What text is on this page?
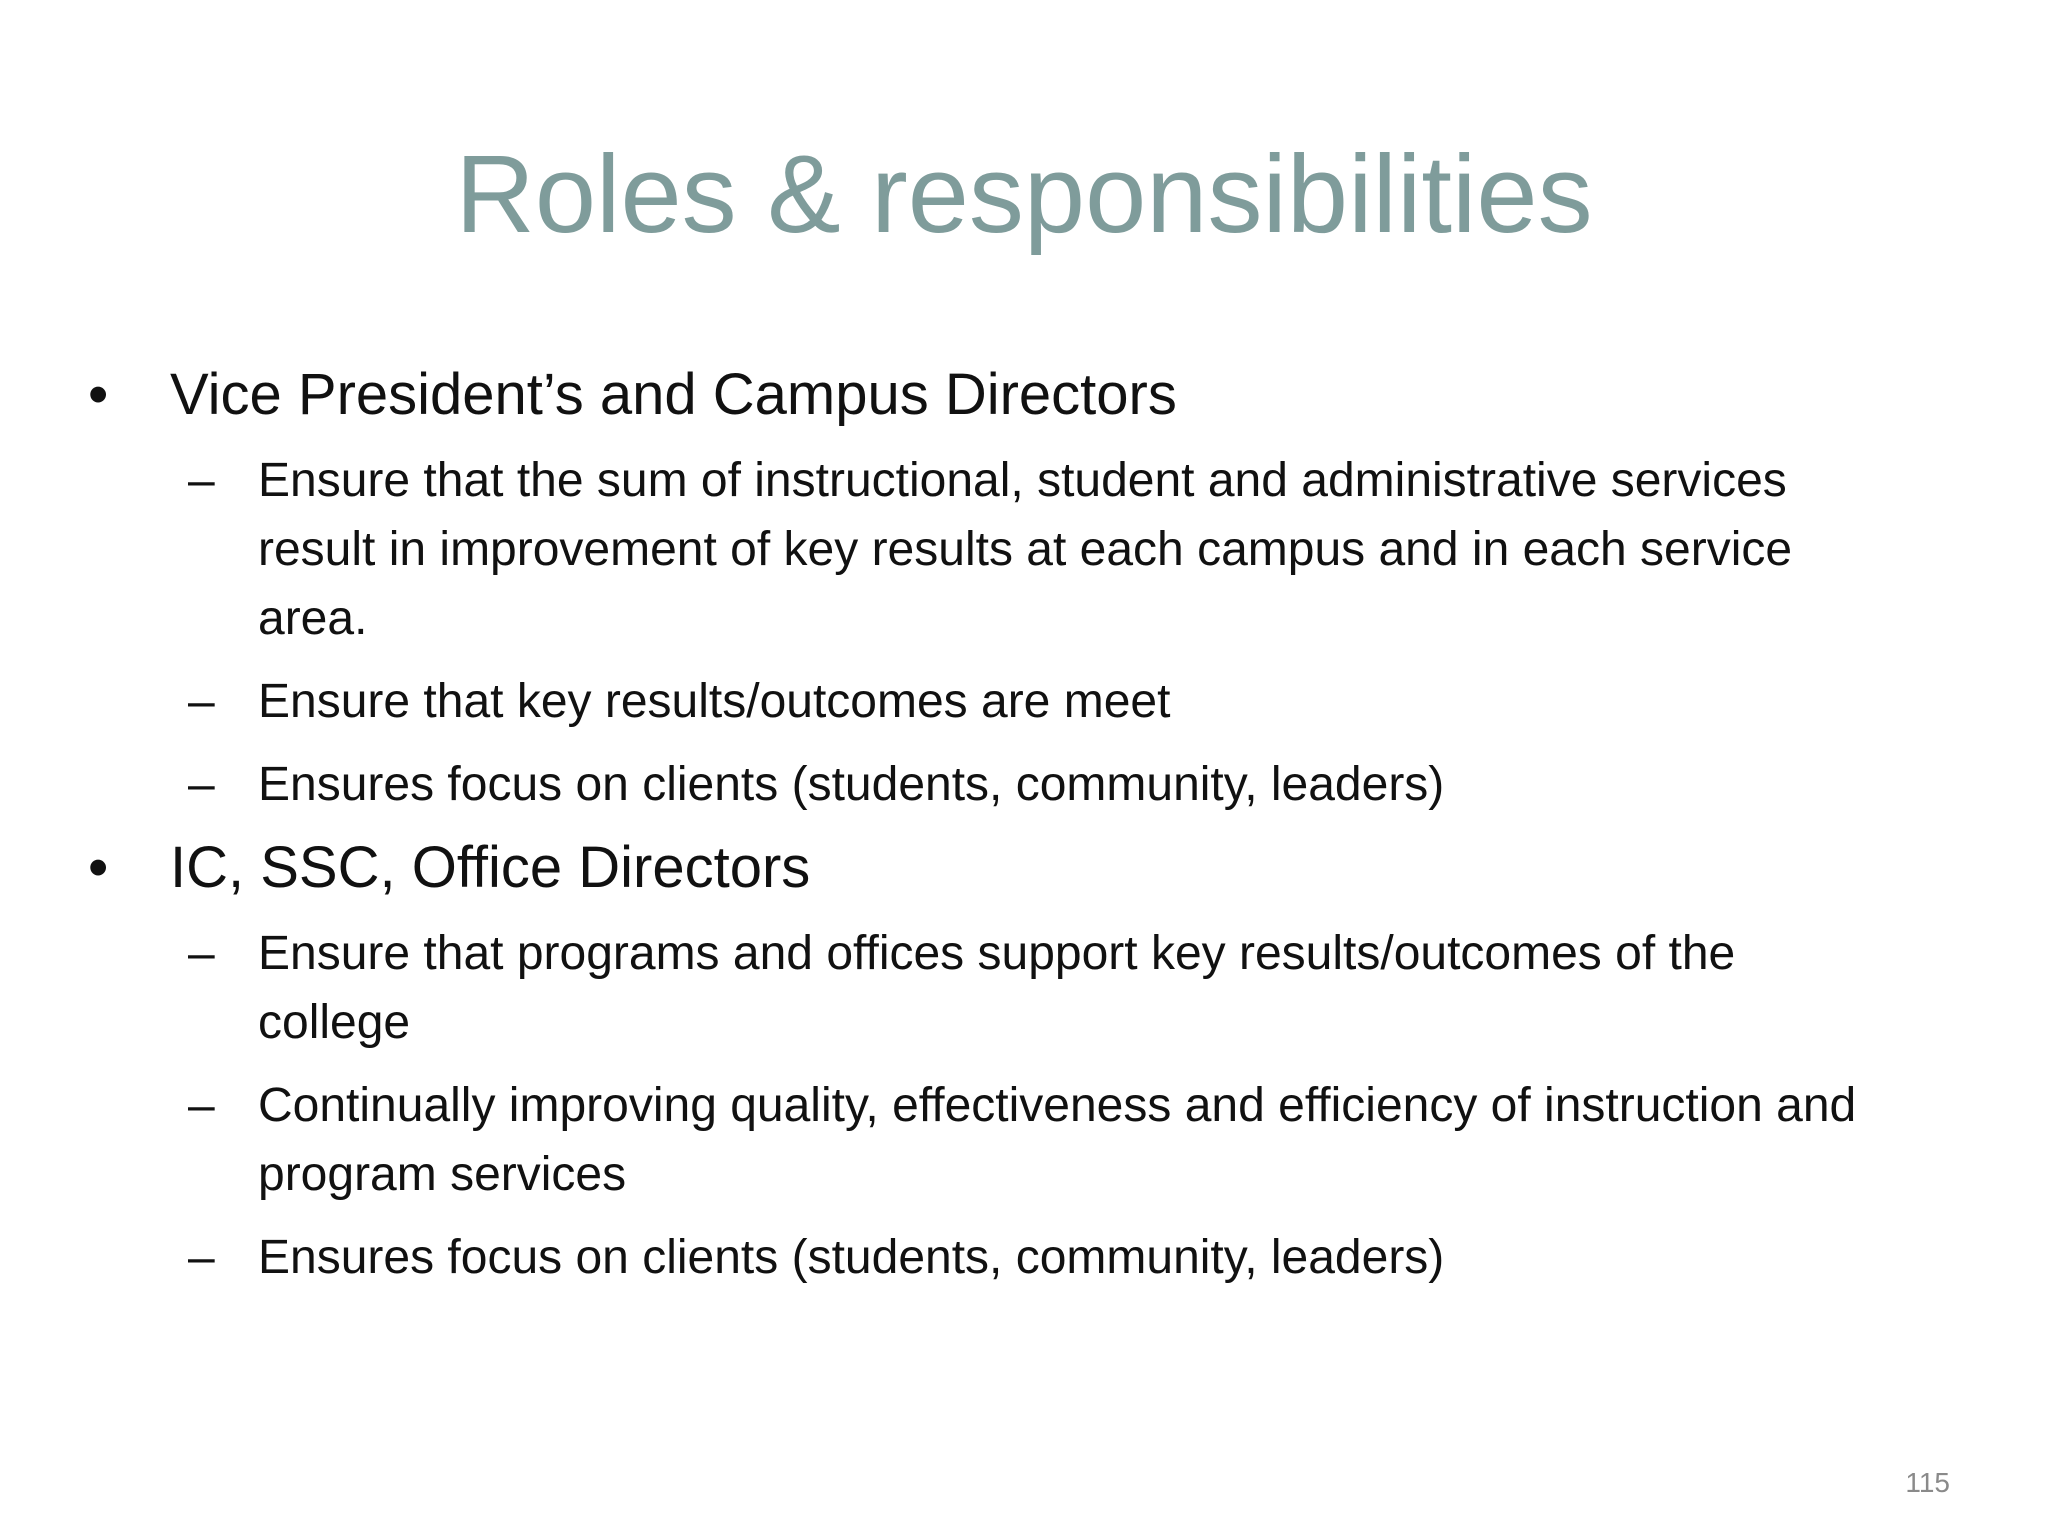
Roles & responsibilities
• Vice President’s and Campus Directors
– Ensure that the sum of instructional, student and administrative services result in improvement of key results at each campus and in each service area.
– Ensure that key results/outcomes are meet
– Ensures focus on clients (students, community, leaders)
• IC, SSC, Office Directors
– Ensure that programs and offices support key results/outcomes of the college
– Continually improving quality, effectiveness and efficiency of instruction and program services
– Ensures focus on clients (students, community, leaders)
115
